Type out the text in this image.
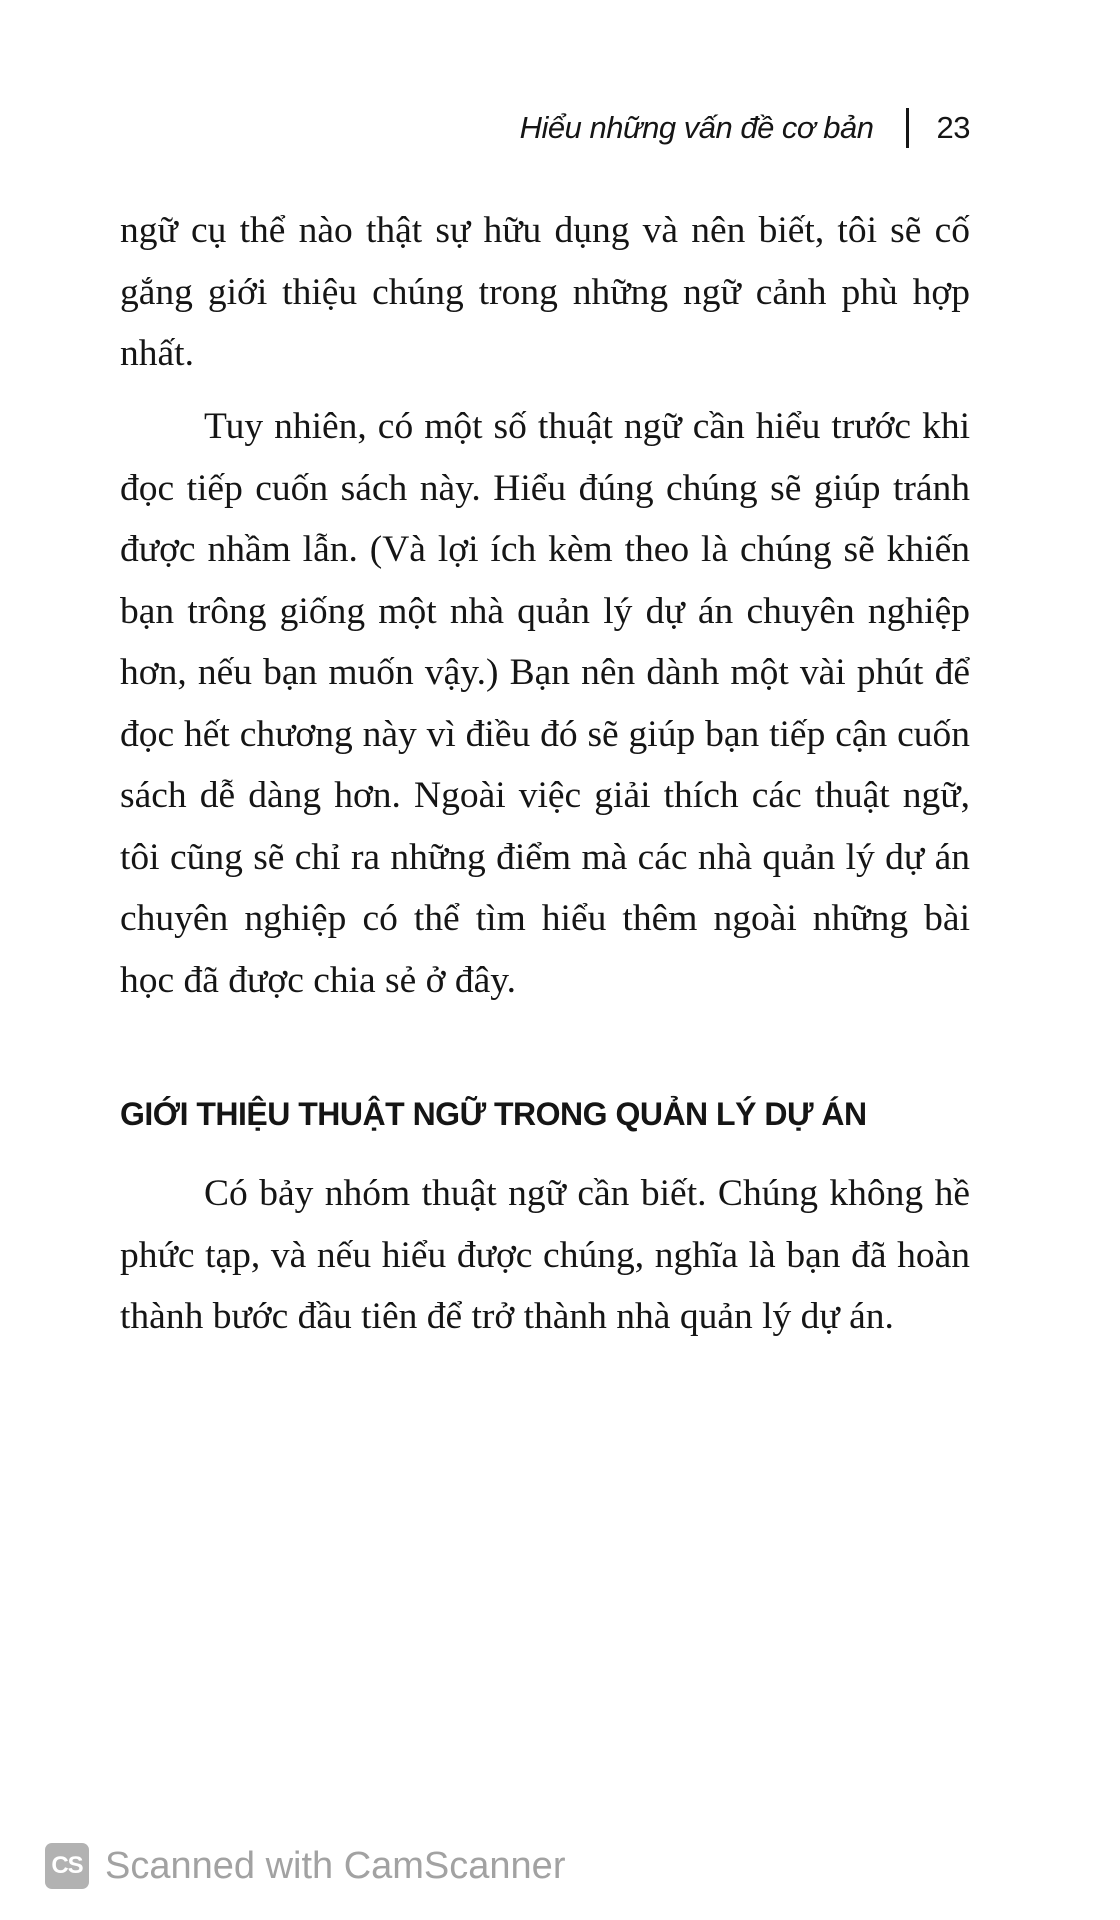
Hiểu những vấn đề cơ bản 23

ngữ cụ thể nào thật sự hữu dụng và nên biết, tôi sẽ cố gắng giới thiệu chúng trong những ngữ cảnh phù hợp nhất.

Tuy nhiên, có một số thuật ngữ cần hiểu trước khi đọc tiếp cuốn sách này. Hiểu đúng chúng sẽ giúp tránh được nhầm lẫn. (Và lợi ích kèm theo là chúng sẽ khiến bạn trông giống một nhà quản lý dự án chuyên nghiệp hơn, nếu bạn muốn vậy.) Bạn nên dành một vài phút để đọc hết chương này vì điều đó sẽ giúp bạn tiếp cận cuốn sách dễ dàng hơn. Ngoài việc giải thích các thuật ngữ, tôi cũng sẽ chỉ ra những điểm mà các nhà quản lý dự án chuyên nghiệp có thể tìm hiểu thêm ngoài những bài học đã được chia sẻ ở đây.

GIỚI THIỆU THUẬT NGỮ TRONG QUẢN LÝ DỰ ÁN

Có bảy nhóm thuật ngữ cần biết. Chúng không hề phức tạp, và nếu hiểu được chúng, nghĩa là bạn đã hoàn thành bước đầu tiên để trở thành nhà quản lý dự án.

CS Scanned with CamScanner
